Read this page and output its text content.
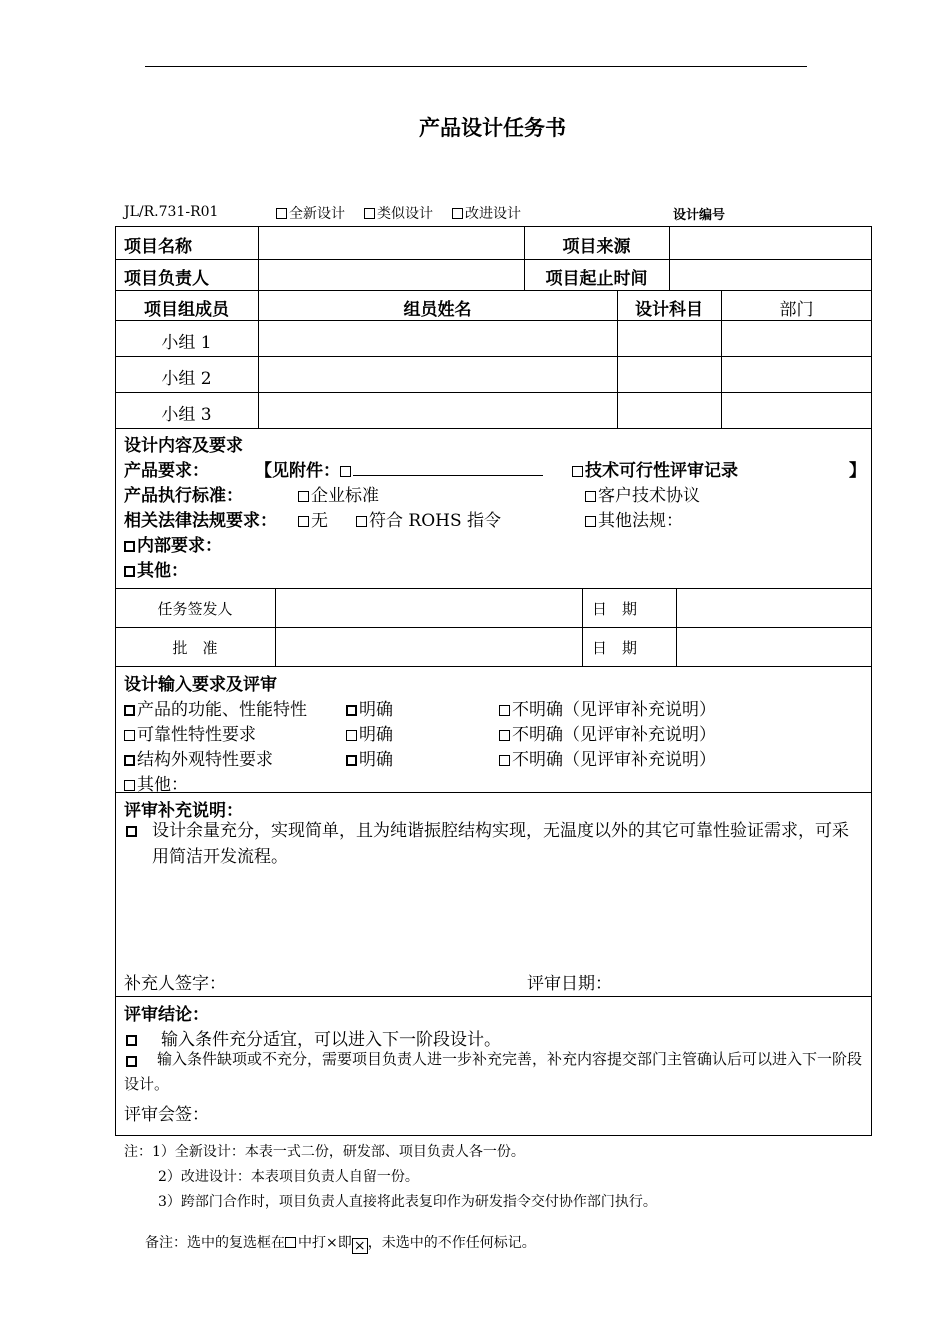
产品设计任务书
JL/R.731-R01	全新设计	类似设计	改进设计	设计编号
项目名称	项目来源
项目负责人	项目起止时间
项目组成员	组员姓名	设计科目	部门
小组 1
小组 2
小组 3
设计内容及要求
产品要求：	【见附件：	技术可行性评审记录	】
产品执行标准：	企业标准	客户技术协议
相关法律法规要求：	无	符合 ROHS 指令	其他法规：
内部要求：
其他：
任务签发人	日　期
批　准	日　期
设计输入要求及评审
产品的功能、性能特性	明确	不明确（见评审补充说明）
可靠性特性要求	明确	不明确（见评审补充说明）
结构外观特性要求	明确	不明确（见评审补充说明）
其他：
评审补充说明：
设计余量充分，实现简单，且为纯谐振腔结构实现，无温度以外的其它可靠性验证需求，可采用简洁开发流程。
补充人签字：	评审日期：
评审结论：
输入条件充分适宜，可以进入下一阶段设计。
输入条件缺项或不充分，需要项目负责人进一步补充完善，补充内容提交部门主管确认后可以进入下一阶段设计。
评审会签：
注：1）全新设计：本表一式二份，研发部、项目负责人各一份。
2）改进设计：本表项目负责人自留一份。
3）跨部门合作时，项目负责人直接将此表复印作为研发指令交付协作部门执行。
备注：选中的复选框在 中打×即 × ，未选中的不作任何标记。
